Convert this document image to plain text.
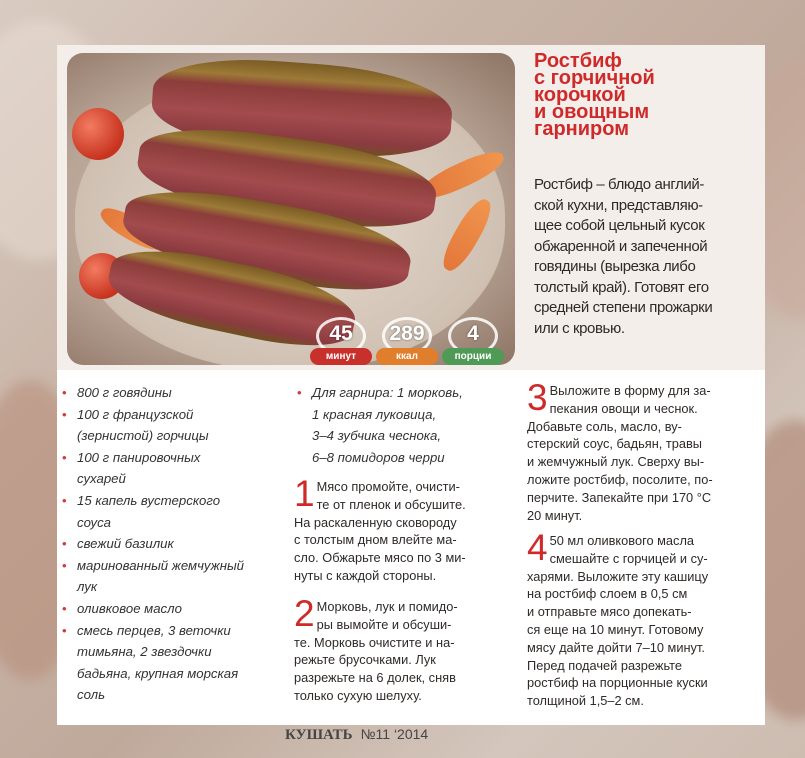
45
минут
289
ккал
4
порции
Ростбиф
с горчичной
корочкой
и овощным
гарниром
Ростбиф – блюдо англий-
ской кухни, представляю-
щее собой цельный кусок
обжаренной и запеченной
говядины (вырезка либо
толстый край). Готовят его
средней степени прожарки
или с кровью.
• 800 г говядины
• 100 г французской
(зернистой) горчицы
• 100 г панировочных
сухарей
• 15 капель вустерского
соуса
• свежий базилик
• маринованный жемчужный
лук
• оливковое масло
• смесь перцев, 3 веточки
тимьяна, 2 звездочки
бадьяна, крупная морская
соль
• Для гарнира: 1 морковь,
1 красная луковица,
3–4 зубчика чеснока,
6–8 помидоров черри
1 Мясо промойте, очисти-
те от пленок и обсушите.
На раскаленную сковороду
с толстым дном влейте ма-
сло. Обжарьте мясо по 3 ми-
нуты с каждой стороны.
2 Морковь, лук и помидо-
ры вымойте и обсуши-
те. Морковь очистите и на-
режьте брусочками. Лук
разрежьте на 6 долек, сняв
только сухую шелуху.
3 Выложите в форму для за-
пекания овощи и чеснок.
Добавьте соль, масло, ву-
стерский соус, бадьян, травы
и жемчужный лук. Сверху вы-
ложите ростбиф, посолите, по-
перчите. Запекайте при 170 °С
20 минут.
4 50 мл оливкового масла
смешайте с горчицей и су-
харями. Выложите эту кашицу
на ростбиф слоем в 0,5 см
и отправьте мясо допекать-
ся еще на 10 минут. Готовому
мясу дайте дойти 7–10 минут.
Перед подачей разрежьте
ростбиф на порционные куски
толщиной 1,5–2 см.
КУШАТЬ №11 ‘2014
